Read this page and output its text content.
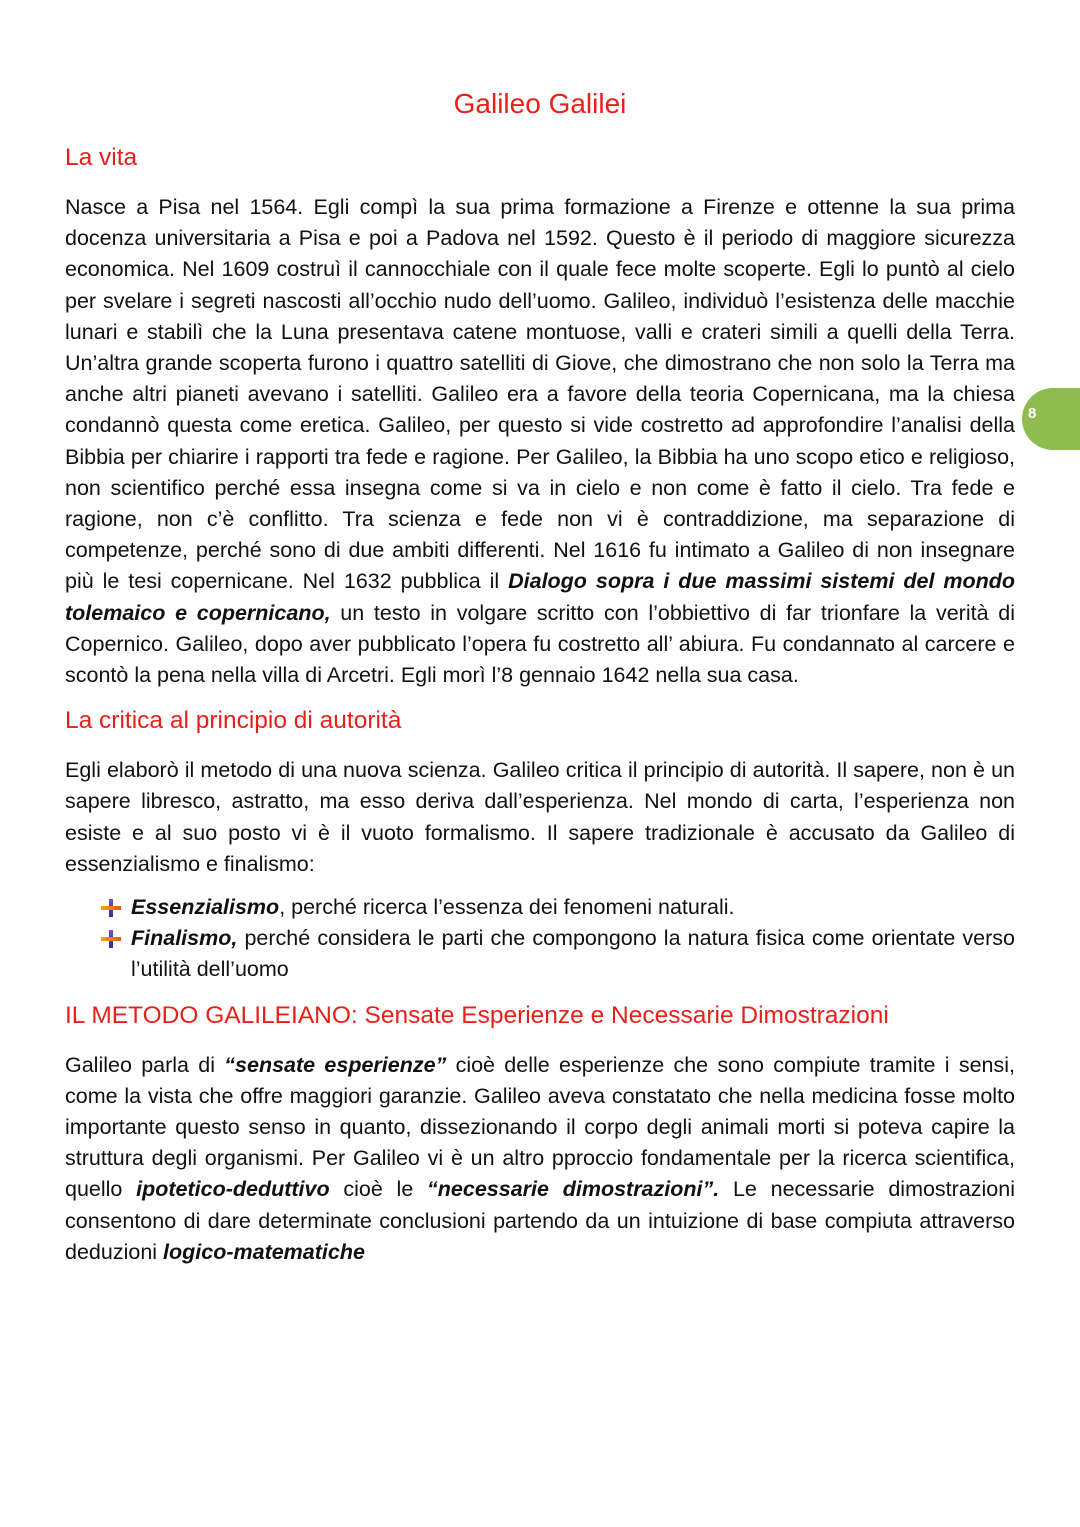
8
Galileo Galilei
La vita

Nasce a Pisa nel 1564. Egli compì la sua prima formazione a Firenze e ottenne la sua prima docenza universitaria a Pisa e poi a Padova nel 1592. Questo è il periodo di maggiore sicurezza economica. Nel 1609 costruì il cannocchiale con il quale fece molte scoperte. Egli lo puntò al cielo per svelare i segreti nascosti all’occhio nudo dell’uomo. Galileo, individuò l’esistenza delle macchie lunari e stabilì che la Luna presentava catene montuose, valli e crateri simili a quelli della Terra. Un’altra grande scoperta furono i quattro satelliti di Giove, che dimostrano che non solo la Terra ma anche altri pianeti avevano i satelliti. Galileo era a favore della teoria Copernicana, ma la chiesa condannò questa come eretica. Galileo, per questo si vide costretto ad approfondire l’analisi della Bibbia per chiarire i rapporti tra fede e ragione. Per Galileo, la Bibbia ha uno scopo etico e religioso, non scientifico perché essa insegna come si va in cielo e non come è fatto il cielo. Tra fede e ragione, non c’è conflitto. Tra scienza e fede non vi è contraddizione, ma separazione di competenze, perché sono di due ambiti differenti. Nel 1616 fu intimato a Galileo di non insegnare più le tesi copernicane. Nel 1632 pubblica il Dialogo sopra i due massimi sistemi del mondo tolemaico e copernicano, un testo in volgare scritto con l’obbiettivo di far trionfare la verità di Copernico. Galileo, dopo aver pubblicato l’opera fu costretto all’ abiura. Fu condannato al carcere e scontò la pena nella villa di Arcetri. Egli morì l’8 gennaio 1642 nella sua casa.

La critica al principio di autorità

Egli elaborò il metodo di una nuova scienza. Galileo critica il principio di autorità. Il sapere, non è un sapere libresco, astratto, ma esso deriva dall’esperienza. Nel mondo di carta, l’esperienza non esiste e al suo posto vi è il vuoto formalismo. Il sapere tradizionale è accusato da Galileo di essenzialismo e finalismo:

Essenzialismo, perché ricerca l’essenza dei fenomeni naturali.
Finalismo, perché considera le parti che compongono la natura fisica come orientate verso l’utilità dell’uomo
IL METODO GALILEIANO: Sensate Esperienze e Necessarie Dimostrazioni

Galileo parla di “sensate esperienze” cioè delle esperienze che sono compiute tramite i sensi, come la vista che offre maggiori garanzie. Galileo aveva constatato che nella medicina fosse molto importante questo senso in quanto, dissezionando il corpo degli animali morti si poteva capire la struttura degli organismi. Per Galileo vi è un altro pproccio fondamentale per la ricerca scientifica, quello ipotetico-deduttivo cioè le “necessarie dimostrazioni”. Le necessarie dimostrazioni consentono di dare determinate conclusioni partendo da un intuizione di base compiuta attraverso deduzioni logico-matematiche
